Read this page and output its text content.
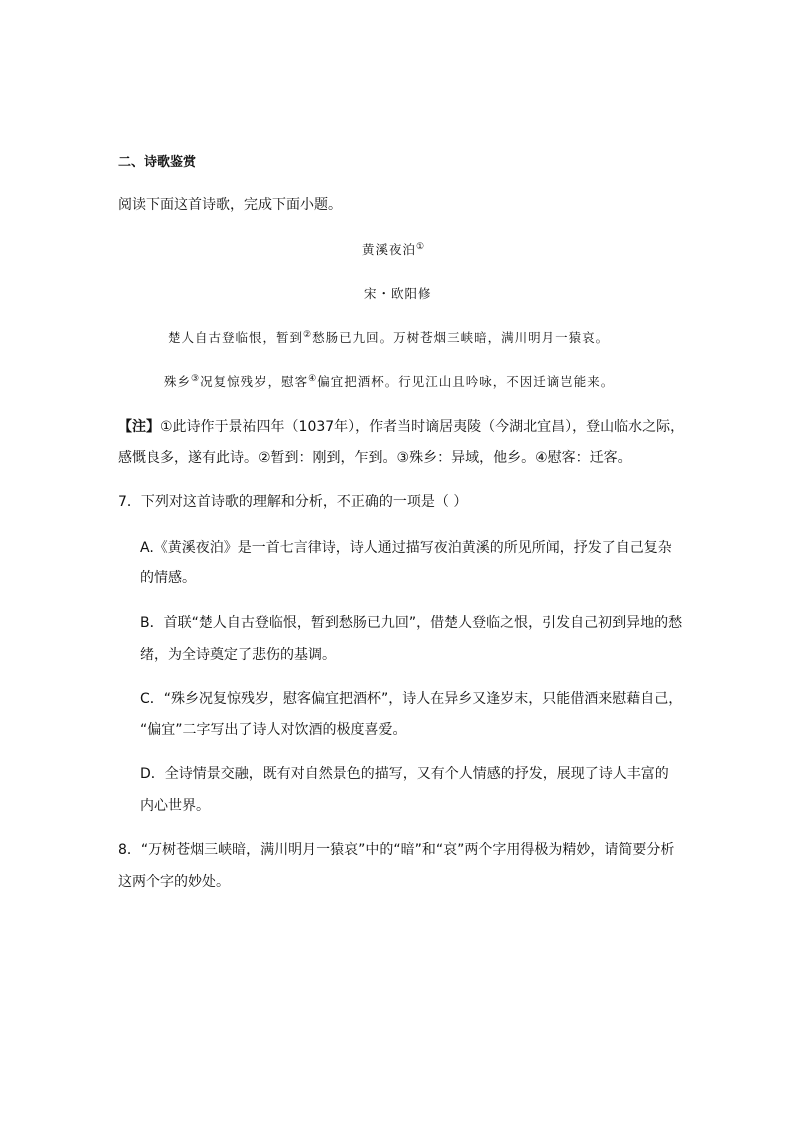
二、诗歌鉴赏
阅读下面这首诗歌，完成下面小题。
黄溪夜泊①
宋・欧阳修
楚人自古登临恨，暂到②愁肠已九回。万树苍烟三峡暗，满川明月一猿哀。
殊乡③况复惊残岁，慰客④偏宜把酒杯。行见江山且吟咏，不因迁谪岂能来。
【注】①此诗作于景祐四年（1037年），作者当时谪居夷陵（今湖北宜昌），登山临水之际，
感慨良多，遂有此诗。②暂到：刚到，乍到。③殊乡：异域，他乡。④慰客：迁客。
7．下列对这首诗歌的理解和分析，不正确的一项是（ ）
A.《黄溪夜泊》是一首七言律诗，诗人通过描写夜泊黄溪的所见所闻，抒发了自己复杂
的情感。
B．首联“楚人自古登临恨，暂到愁肠已九回”，借楚人登临之恨，引发自己初到异地的愁
绪，为全诗奠定了悲伤的基调。
C．“殊乡况复惊残岁，慰客偏宜把酒杯”，诗人在异乡又逢岁末，只能借酒来慰藉自己，
“偏宜”二字写出了诗人对饮酒的极度喜爱。
D．全诗情景交融，既有对自然景色的描写，又有个人情感的抒发，展现了诗人丰富的
内心世界。
8．“万树苍烟三峡暗，满川明月一猿哀”中的“暗”和“哀”两个字用得极为精妙，请简要分析
这两个字的妙处。
